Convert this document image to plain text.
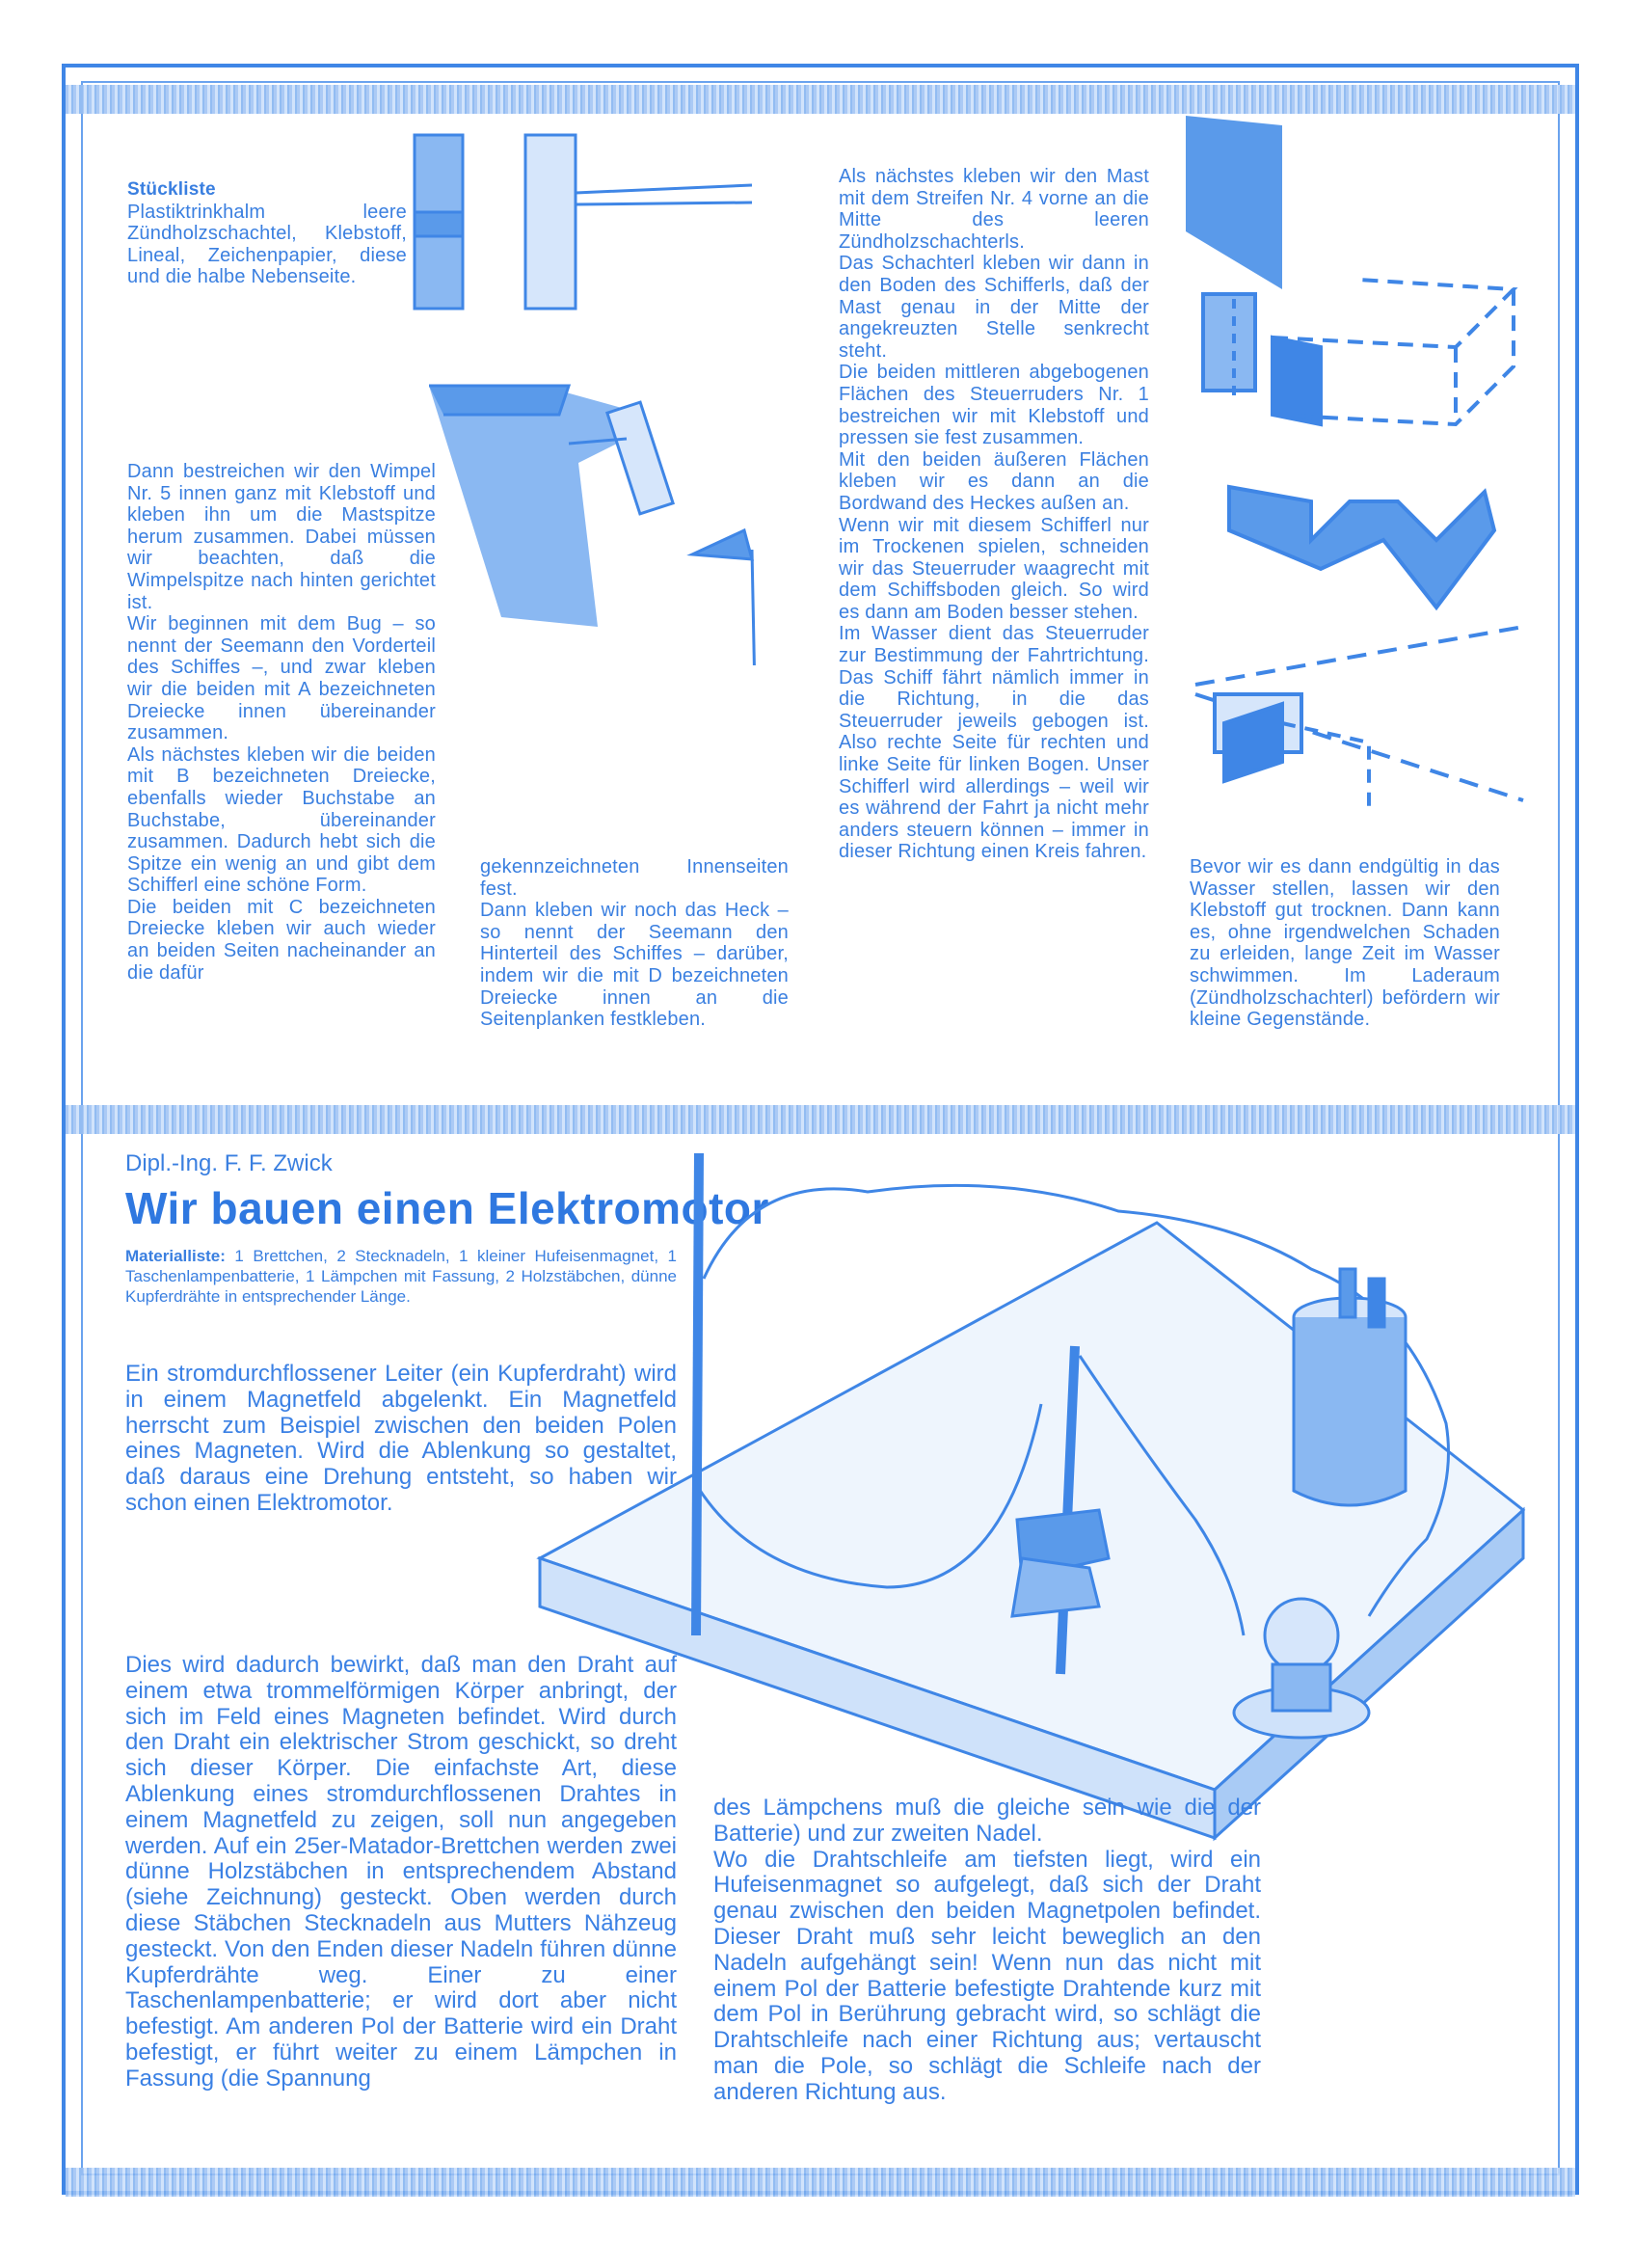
Stückliste

Plastiktrinkhalm leere Zündholzschachtel, Klebstoff, Lineal, Zeichenpapier, diese und die halbe Nebenseite.

Dann bestreichen wir den Wimpel Nr. 5 innen ganz mit Klebstoff und kleben ihn um die Mastspitze herum zusammen. Dabei müssen wir beachten, daß die Wimpelspitze nach hinten gerichtet ist.

Wir beginnen mit dem Bug – so nennt der Seemann den Vorderteil des Schiffes –, und zwar kleben wir die beiden mit A bezeichneten Dreiecke innen übereinander zusammen.

Als nächstes kleben wir die beiden mit B bezeichneten Dreiecke, ebenfalls wieder Buchstabe an Buchstabe, übereinander zusammen. Dadurch hebt sich die Spitze ein wenig an und gibt dem Schifferl eine schöne Form.

Die beiden mit C bezeichneten Dreiecke kleben wir auch wieder an beiden Seiten nacheinander an die dafür

gekennzeichneten Innenseiten fest.

Dann kleben wir noch das Heck – so nennt der Seemann den Hinterteil des Schiffes – darüber, indem wir die mit D bezeichneten Dreiecke innen an die Seitenplanken festkleben.

Als nächstes kleben wir den Mast mit dem Streifen Nr. 4 vorne an die Mitte des leeren Zündholzschachterls.

Das Schachterl kleben wir dann in den Boden des Schifferls, daß der Mast genau in der Mitte der angekreuzten Stelle senkrecht steht.

Die beiden mittleren abgebogenen Flächen des Steuerruders Nr. 1 bestreichen wir mit Klebstoff und pressen sie fest zusammen.

Mit den beiden äußeren Flächen kleben wir es dann an die Bordwand des Heckes außen an.

Wenn wir mit diesem Schifferl nur im Trockenen spielen, schneiden wir das Steuerruder waagrecht mit dem Schiffsboden gleich. So wird es dann am Boden besser stehen.

Im Wasser dient das Steuerruder zur Bestimmung der Fahrtrichtung. Das Schiff fährt nämlich immer in die Richtung, in die das Steuerruder jeweils gebogen ist. Also rechte Seite für rechten und linke Seite für linken Bogen. Unser Schifferl wird allerdings – weil wir es während der Fahrt ja nicht mehr anders steuern können – immer in dieser Richtung einen Kreis fahren.

Bevor wir es dann endgültig in das Wasser stellen, lassen wir den Klebstoff gut trocknen. Dann kann es, ohne irgendwelchen Schaden zu erleiden, lange Zeit im Wasser schwimmen. Im Laderaum (Zündholzschachterl) befördern wir kleine Gegenstände.

Dipl.-Ing. F. F. Zwick
Wir bauen einen Elektromotor
Materialliste: 1 Brettchen, 2 Stecknadeln, 1 kleiner Hufeisenmagnet, 1 Taschenlampenbatterie, 1 Lämpchen mit Fassung, 2 Holzstäbchen, dünne Kupferdrähte in entsprechender Länge.

Ein stromdurchflossener Leiter (ein Kupferdraht) wird in einem Magnetfeld abgelenkt. Ein Magnetfeld herrscht zum Beispiel zwischen den beiden Polen eines Magneten. Wird die Ablenkung so gestaltet, daß daraus eine Drehung entsteht, so haben wir schon einen Elektromotor.

Dies wird dadurch bewirkt, daß man den Draht auf einem etwa trommelförmigen Körper anbringt, der sich im Feld eines Magneten befindet. Wird durch den Draht ein elektrischer Strom geschickt, so dreht sich dieser Körper. Die einfachste Art, diese Ablenkung eines stromdurchflossenen Drahtes in einem Magnetfeld zu zeigen, soll nun angegeben werden. Auf ein 25er-Matador-Brettchen werden zwei dünne Holzstäbchen in entsprechendem Abstand (siehe Zeichnung) gesteckt. Oben werden durch diese Stäbchen Stecknadeln aus Mutters Nähzeug gesteckt. Von den Enden dieser Nadeln führen dünne Kupferdrähte weg. Einer zu einer Taschenlampenbatterie; er wird dort aber nicht befestigt. Am anderen Pol der Batterie wird ein Draht befestigt, er führt weiter zu einem Lämpchen in Fassung (die Spannung

des Lämpchens muß die gleiche sein wie die der Batterie) und zur zweiten Nadel.

Wo die Drahtschleife am tiefsten liegt, wird ein Hufeisenmagnet so aufgelegt, daß sich der Draht genau zwischen den beiden Magnetpolen befindet. Dieser Draht muß sehr leicht beweglich an den Nadeln aufgehängt sein! Wenn nun das nicht mit einem Pol der Batterie befestigte Drahtende kurz mit dem Pol in Berührung gebracht wird, so schlägt die Drahtschleife nach einer Richtung aus; vertauscht man die Pole, so schlägt die Schleife nach der anderen Richtung aus.
